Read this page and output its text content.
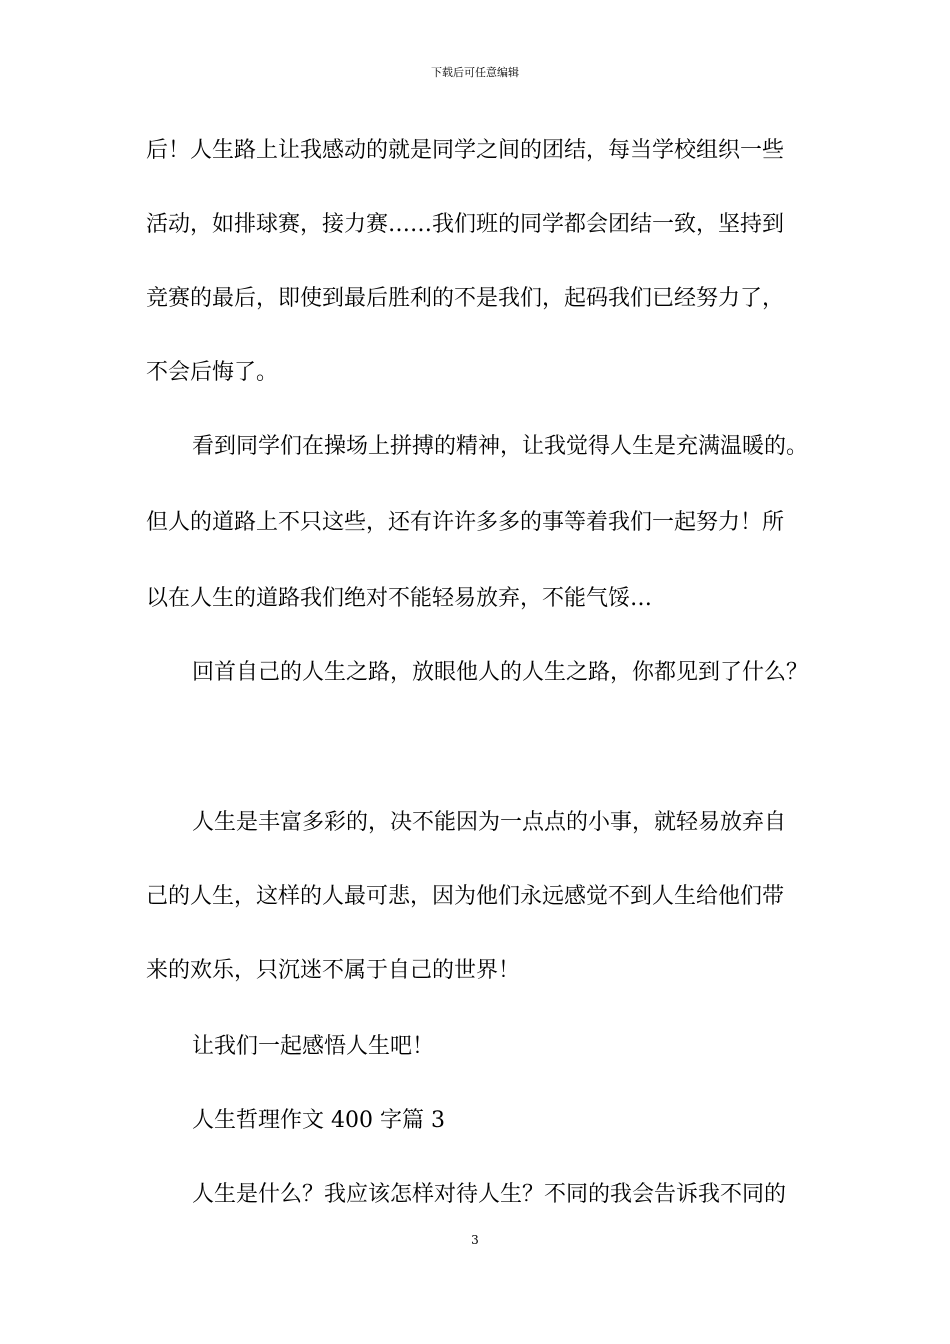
下载后可任意编辑
后！人生路上让我感动的就是同学之间的团结，每当学校组织一些
活动，如排球赛，接力赛……我们班的同学都会团结一致，坚持到
竞赛的最后，即使到最后胜利的不是我们，起码我们已经努力了，
不会后悔了。
看到同学们在操场上拼搏的精神，让我觉得人生是充满温暖的。
但人的道路上不只这些，还有许许多多的事等着我们一起努力！所
以在人生的道路我们绝对不能轻易放弃，不能气馁…
回首自己的人生之路，放眼他人的人生之路，你都见到了什么？
人生是丰富多彩的，决不能因为一点点的小事，就轻易放弃自
己的人生，这样的人最可悲，因为他们永远感觉不到人生给他们带
来的欢乐，只沉迷不属于自己的世界！
让我们一起感悟人生吧！
人生哲理作文 400 字篇 3
人生是什么？我应该怎样对待人生？不同的我会告诉我不同的
3
